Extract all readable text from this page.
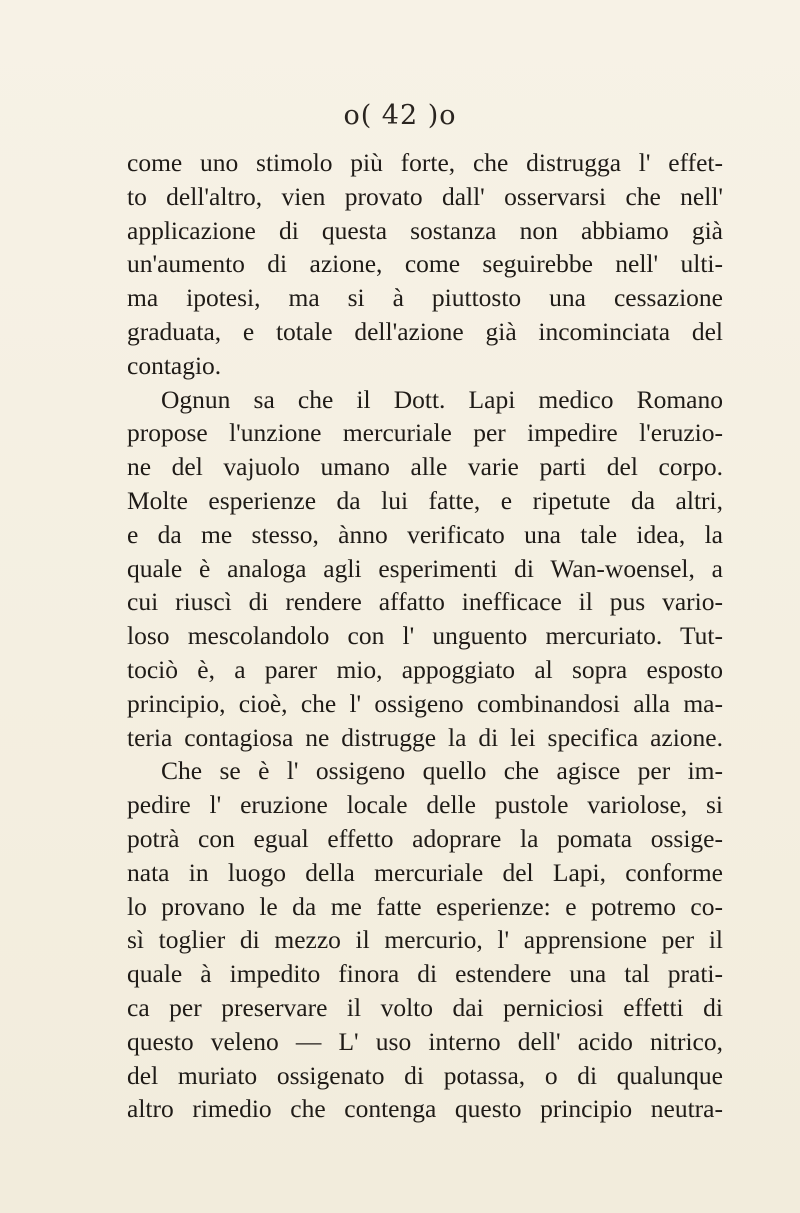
o( 42 )o
come uno stimolo più forte, che distrugga l' effet-
to dell'altro, vien provato dall' osservarsi che nell'
applicazione di questa sostanza non abbiamo già
un'aumento di azione, come seguirebbe nell' ulti-
ma ipotesi, ma si à piuttosto una cessazione
graduata, e totale dell'azione già incominciata del
contagio.
Ognun sa che il Dott. Lapi medico Romano
propose l'unzione mercuriale per impedire l'eruzio-
ne del vajuolo umano alle varie parti del corpo.
Molte esperienze da lui fatte, e ripetute da altri,
e da me stesso, ànno verificato una tale idea, la
quale è analoga agli esperimenti di Wan-woensel, a
cui riuscì di rendere affatto inefficace il pus vario-
loso mescolandolo con l' unguento mercuriato. Tut-
tociò è, a parer mio, appoggiato al sopra esposto
principio, cioè, che l' ossigeno combinandosi alla ma-
teria contagiosa ne distrugge la di lei specifica azione.
Che se è l' ossigeno quello che agisce per im-
pedire l' eruzione locale delle pustole variolose, si
potrà con egual effetto adoprare la pomata ossige-
nata in luogo della mercuriale del Lapi, conforme
lo provano le da me fatte esperienze: e potremo co-
sì toglier di mezzo il mercurio, l' apprensione per il
quale à impedito finora di estendere una tal prati-
ca per preservare il volto dai perniciosi effetti di
questo veleno — L' uso interno dell' acido nitrico,
del muriato ossigenato di potassa, o di qualunque
altro rimedio che contenga questo principio neutra-
